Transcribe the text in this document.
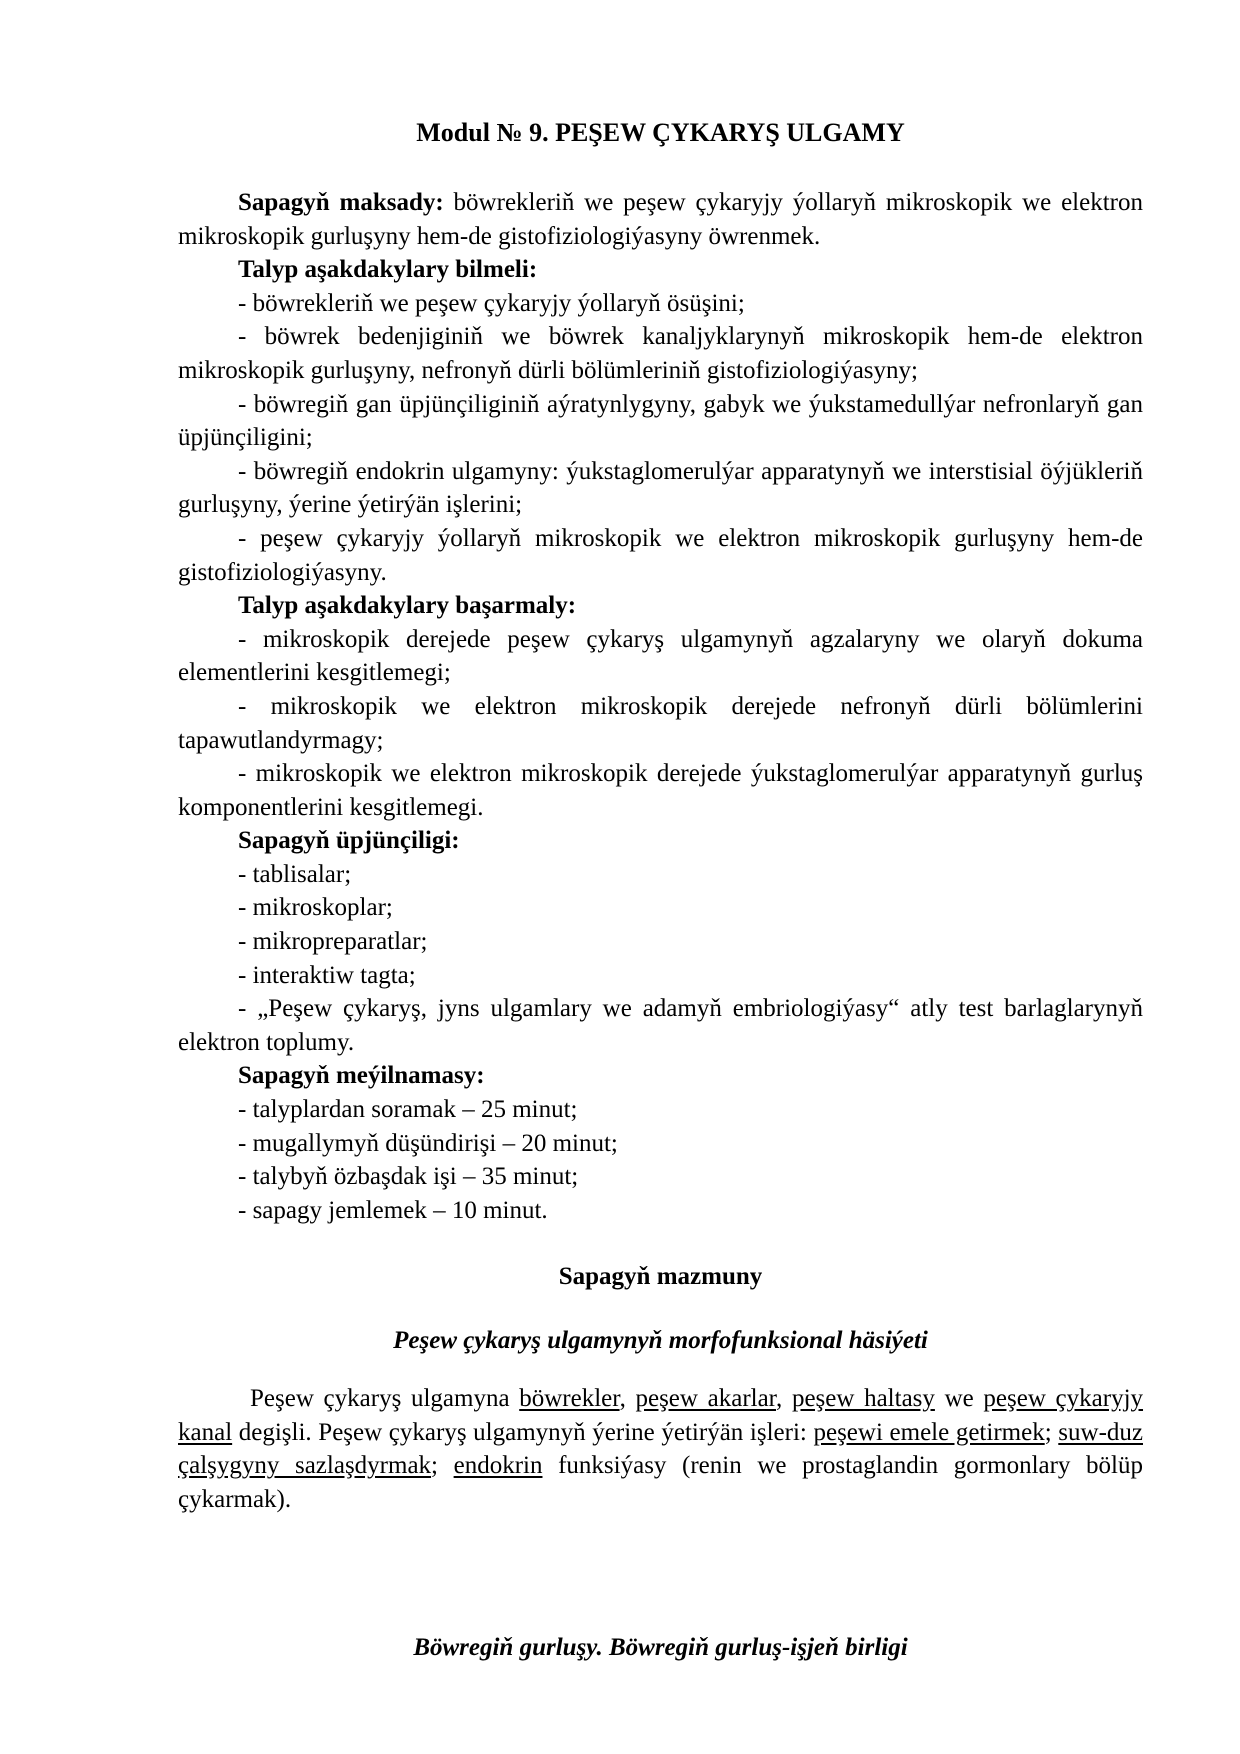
Modul № 9. PEŞEW ÇYKARYŞ ULGAMY

Sapagyň maksady: böwrekleriň we peşew çykaryjy ýollaryň mikroskopik we elektron mikroskopik gurluşyny hem-de gistofiziologiýasyny öwrenmek.

Talyp aşakdakylary bilmeli:

- böwrekleriň we peşew çykaryjy ýollaryň ösüşini;

- böwrek bedenjiginiň we böwrek kanaljyklarynyň mikroskopik hem-de elektron mikroskopik gurluşyny, nefronyň dürli bölümleriniň gistofiziologiýasyny;

- böwregiň gan üpjünçiliginiň aýratynlygyny, gabyk we ýukstamedullýar nefronlaryň gan üpjünçiligini;

- böwregiň endokrin ulgamyny: ýukstaglomerulýar apparatynyň we interstisial öýjükleriň gurluşyny, ýerine ýetirýän işlerini;

- peşew çykaryjy ýollaryň mikroskopik we elektron mikroskopik gurluşyny hem-de gistofiziologiýasyny.

Talyp aşakdakylary başarmaly:

- mikroskopik derejede peşew çykaryş ulgamynyň agzalaryny we olaryň dokuma elementlerini kesgitlemegi;

- mikroskopik we elektron mikroskopik derejede nefronyň dürli bölümlerini tapawutlandyrmagy;

- mikroskopik we elektron mikroskopik derejede ýukstaglomerulýar apparatynyň gurluş komponentlerini kesgitlemegi.

Sapagyň üpjünçiligi:

- tablisalar;

- mikroskoplar;

- mikropreparatlar;

- interaktiw tagta;

- „Peşew çykaryş, jyns ulgamlary we adamyň embriologiýasy“ atly test barlaglarynyň elektron toplumy.

Sapagyň meýilnamasy:

- talyplardan soramak – 25 minut;

- mugallymyň düşündirişi – 20 minut;

- talybyň özbaşdak işi – 35 minut;

- sapagy jemlemek – 10 minut.

Sapagyň mazmuny

Peşew çykaryş ulgamynyň morfofunksional häsiýeti

Peşew çykaryş ulgamyna böwrekler, peşew akarlar, peşew haltasy we peşew çykaryjy kanal degişli. Peşew çykaryş ulgamynyň ýerine ýetirýän işleri: peşewi emele getirmek; suw-duz çalşygyny sazlaşdyrmak; endokrin funksiýasy (renin we prostaglandin gormonlary bölüp çykarmak).

Böwregiň gurluşy. Böwregiň gurluş-işjeň birligi
